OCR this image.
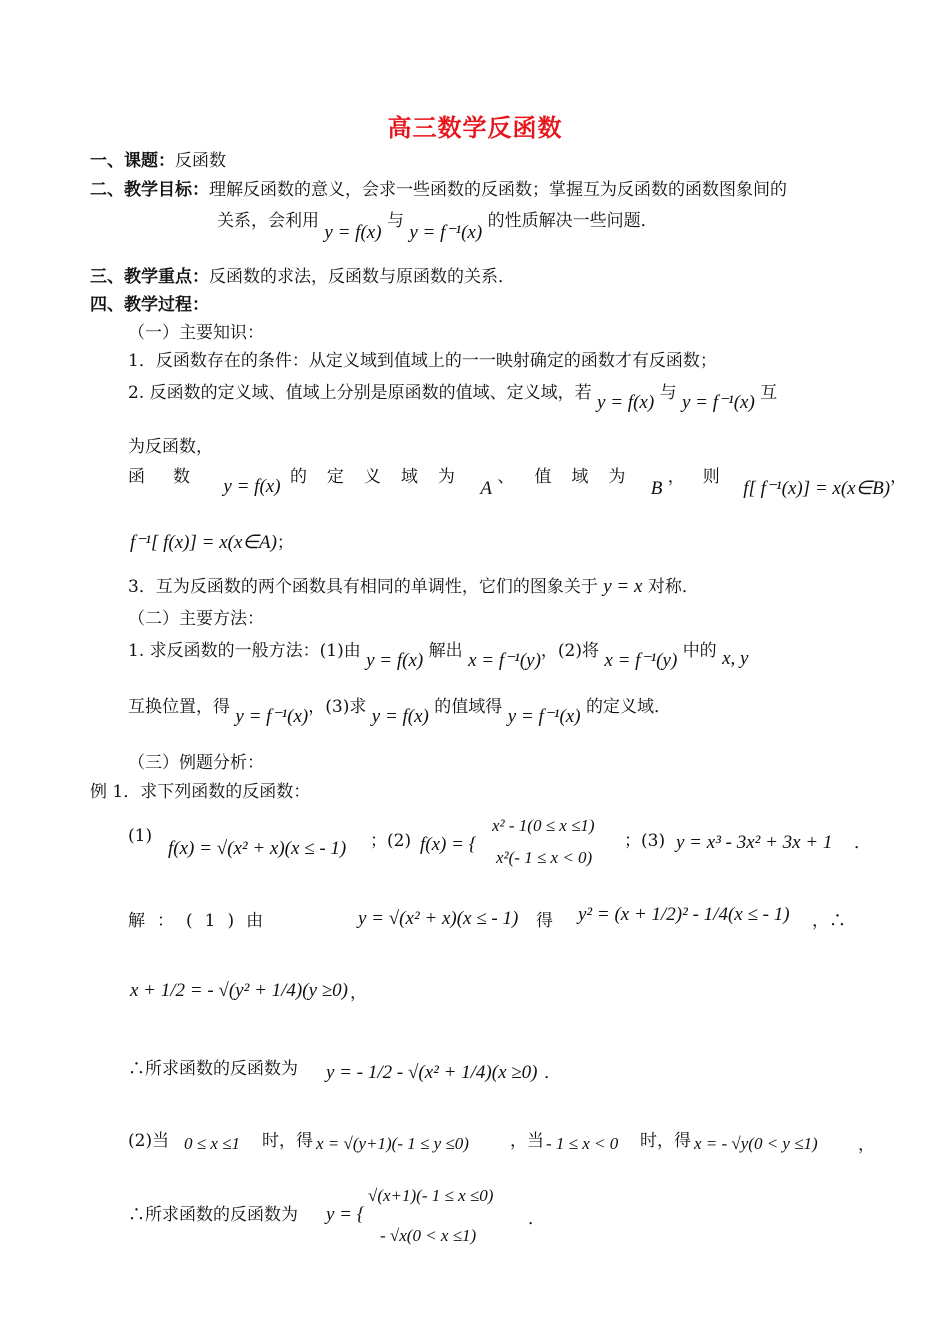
高三数学反函数
一、课题：反函数
二、教学目标：理解反函数的意义，会求一些函数的反函数；掌握互为反函数的函数图象间的
关系，会利用 y = f(x) 与 y = f⁻¹(x) 的性质解决一些问题．
三、教学重点：反函数的求法，反函数与原函数的关系．
四、教学过程：
（一）主要知识：
1．反函数存在的条件：从定义域到值域上的一一映射确定的函数才有反函数；
2. 反函数的定义域、值域上分别是原函数的值域、定义域，若 y = f(x) 与 y = f⁻¹(x) 互
为反函数，
函数 y = f(x) 的定义域为 A 、值域为 B ，则 f[ f⁻¹(x)] = x(x∈B)，
f⁻¹[ f(x)] = x(x∈A)；
3．互为反函数的两个函数具有相同的单调性，它们的图象关于 y = x 对称．
（二）主要方法：
1. 求反函数的一般方法：(1)由 y = f(x) 解出 x = f⁻¹(y)，(2)将 x = f⁻¹(y) 中的 x, y
互换位置，得 y = f⁻¹(x)，(3)求 y = f(x) 的值域得 y = f⁻¹(x) 的定义域．
（三）例题分析：
例 1．求下列函数的反函数：
(1)
f(x) = √(x² + x)(x ≤ - 1) ；(2) f(x) = {
x² - 1(0 ≤ x ≤1)
x²(- 1 ≤ x < 0)
；(3) y = x³ - 3x² + 3x + 1 ．
解：(1)由	y = √(x² + x)(x ≤ - 1) 得 y² = (x + 1/2)² - 1/4(x ≤ - 1) ，∴
x + 1/2 = - √(y² + 1/4)(y ≥0) ，
∴所求函数的反函数为 y = - 1/2 - √(x² + 1/4)(x ≥0) ．
(2)当 0 ≤ x ≤1 时，得 x = √(y+1)(- 1 ≤ y ≤0) ，当 - 1 ≤ x < 0 时，得 x = - √y(0 < y ≤1) ，
∴所求函数的反函数为 y = {
√(x+1)(- 1 ≤ x ≤0)
- √x(0 < x ≤1)
．
